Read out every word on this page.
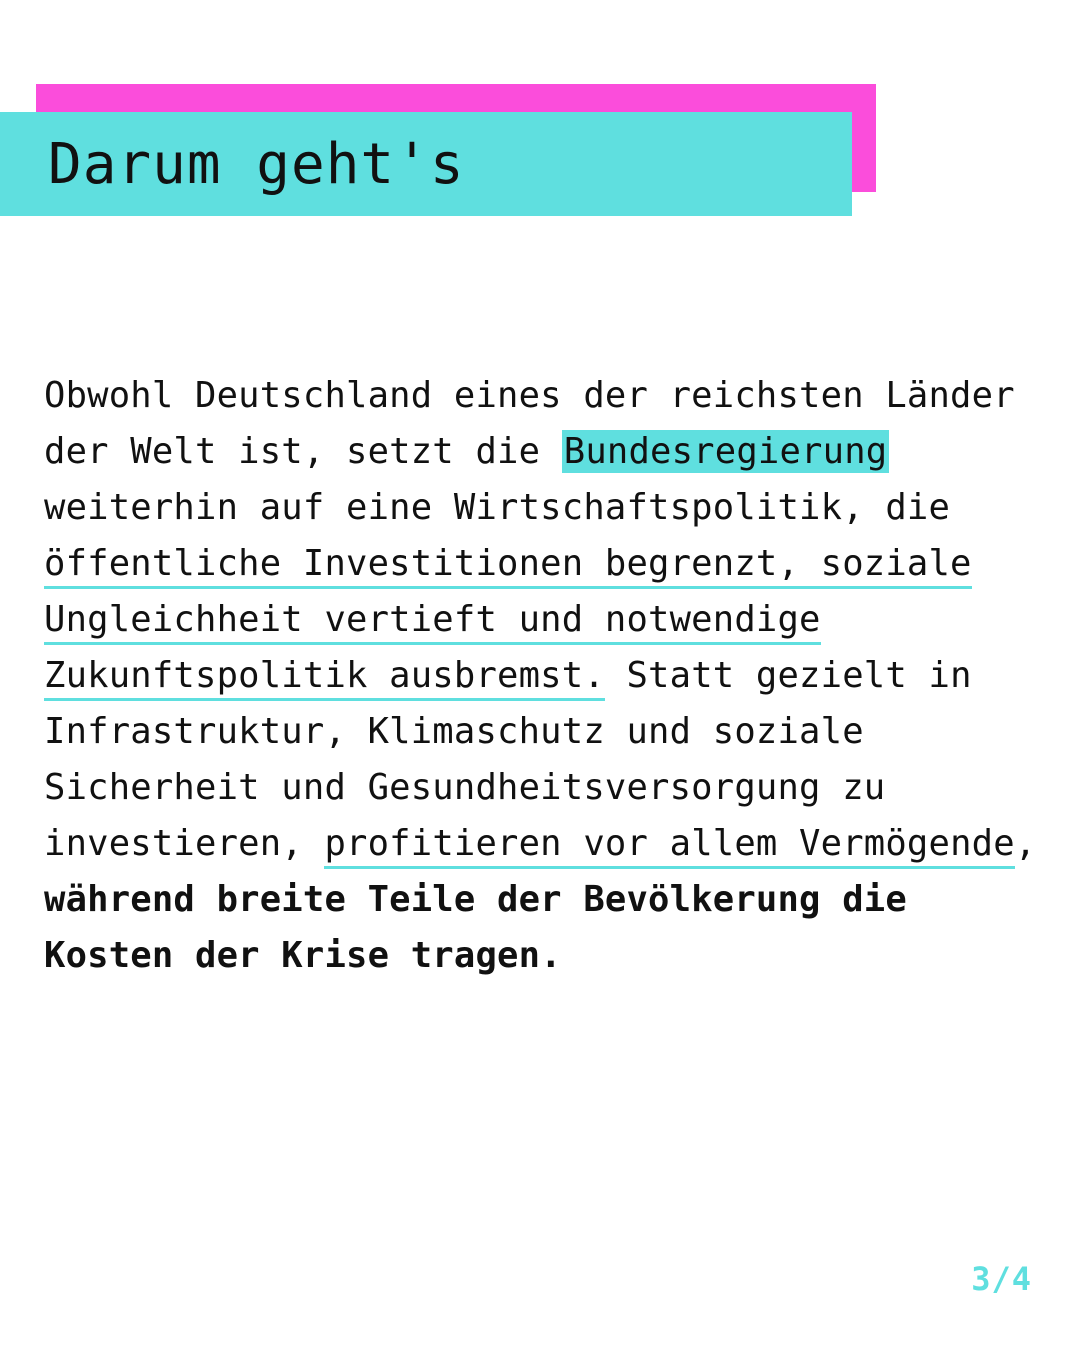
Darum geht's
Obwohl Deutschland eines der reichsten Länder der Welt ist, setzt die Bundesregierung weiterhin auf eine Wirtschaftspolitik, die öffentliche Investitionen begrenzt, soziale Ungleichheit vertieft und notwendige Zukunftspolitik ausbremst. Statt gezielt in Infrastruktur, Klimaschutz und soziale Sicherheit und Gesundheitsversorgung zu investieren, profitieren vor allem Vermögende, während breite Teile der Bevölkerung die Kosten der Krise tragen.
3/4
